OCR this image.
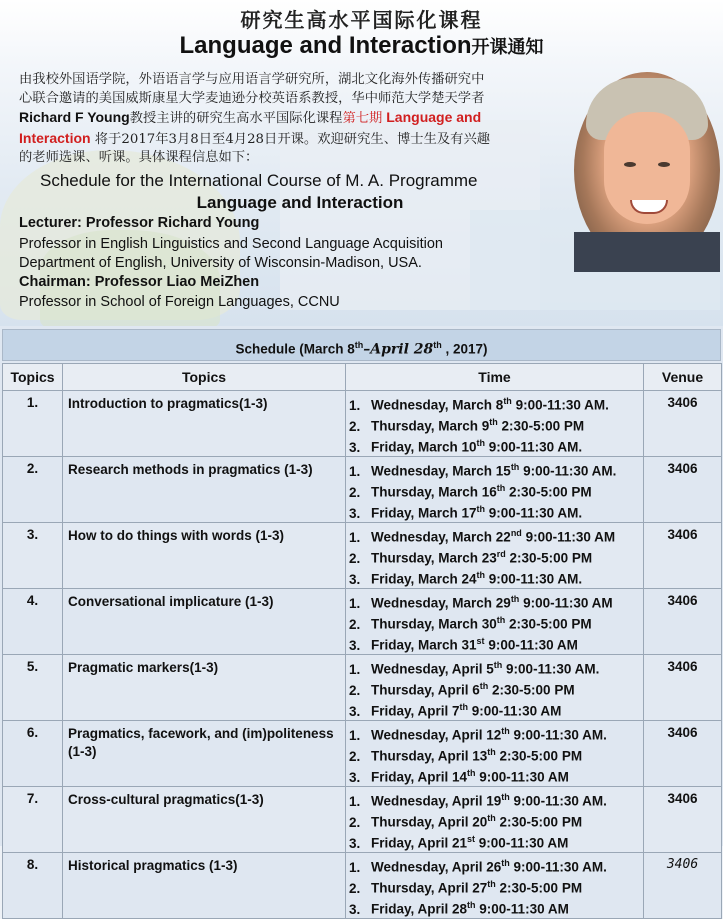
研究生高水平国际化课程
Language and Interaction开课通知
由我校外国语学院，外语语言学与应用语言学研究所，湖北文化海外传播研究中
心联合邀请的美国威斯康星大学麦迪逊分校英语系教授，华中师范大学楚天学者
Richard F Young教授主讲的研究生高水平国际化课程第七期 Language and
Interaction 将于2017年3月8日至4月28日开课。欢迎研究生、博士生及有兴趣
的老师选课、听课。具体课程信息如下：
Schedule for the International Course of M. A. Programme
Language and Interaction
Lecturer: Professor Richard Young
Professor in English Linguistics and Second Language Acquisition
Department of English, University of Wisconsin-Madison, USA.
Chairman: Professor Liao MeiZhen
Professor in School of Foreign Languages, CCNU
Schedule (March 8th–April 28th , 2017)
Topics	Topics	Time	Venue
1.	Introduction to pragmatics(1-3)	1. Wednesday, March 8th 9:00-11:30 AM.
2. Thursday, March 9th 2:30-5:00 PM
3. Friday, March 10th 9:00-11:30 AM.	3406
2.	Research methods in pragmatics (1-3)	1. Wednesday, March 15th 9:00-11:30 AM.
2. Thursday, March 16th 2:30-5:00 PM
3. Friday, March 17th 9:00-11:30 AM.	3406
3.	How to do things with words (1-3)	1. Wednesday, March 22nd 9:00-11:30 AM
2. Thursday, March 23rd 2:30-5:00 PM
3. Friday, March 24th 9:00-11:30 AM.	3406
4.	Conversational implicature (1-3)	1. Wednesday, March 29th 9:00-11:30 AM
2. Thursday, March 30th 2:30-5:00 PM
3. Friday, March 31st 9:00-11:30 AM	3406
5.	Pragmatic markers(1-3)	1. Wednesday, April 5th 9:00-11:30 AM.
2. Thursday, April 6th 2:30-5:00 PM
3. Friday, April 7th 9:00-11:30 AM	3406
6.	Pragmatics, facework, and (im)politeness (1-3)	1. Wednesday, April 12th 9:00-11:30 AM.
2. Thursday, April 13th 2:30-5:00 PM
3. Friday, April 14th 9:00-11:30 AM	3406
7.	Cross-cultural pragmatics(1-3)	1. Wednesday, April 19th 9:00-11:30 AM.
2. Thursday, April 20th 2:30-5:00 PM
3. Friday, April 21st 9:00-11:30 AM	3406
8.	Historical pragmatics (1-3)	1. Wednesday, April 26th 9:00-11:30 AM.
2. Thursday, April 27th 2:30-5:00 PM
3. Friday, April 28th 9:00-11:30 AM	3406
